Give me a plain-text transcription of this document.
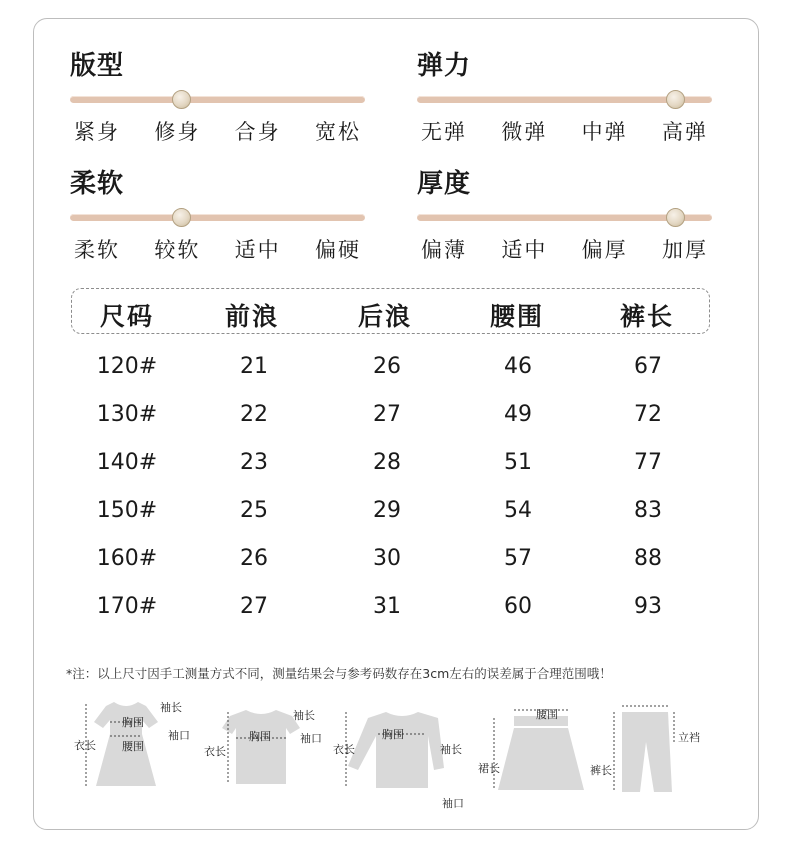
版型
紧身 修身 合身 宽松
弹力
无弹 微弹 中弹 高弹
柔软
柔软 较软 适中 偏硬
厚度
偏薄 适中 偏厚 加厚
尺码	前浪	后浪	腰围	裤长
120#	21	26	46	67
130#	22	27	49	72
140#	23	28	51	77
150#	25	29	54	83
160#	26	30	57	88
170#	27	31	60	93
*注：以上尺寸因手工测量方式不同，测量结果会与参考码数存在3cm左右的误差属于合理范围哦！
衣长
胸围
袖长
袖口
腰围	衣长
胸围
袖长
袖口
衣长
胸围
袖长
袖口
腰围
裙长	裤长
立裆
